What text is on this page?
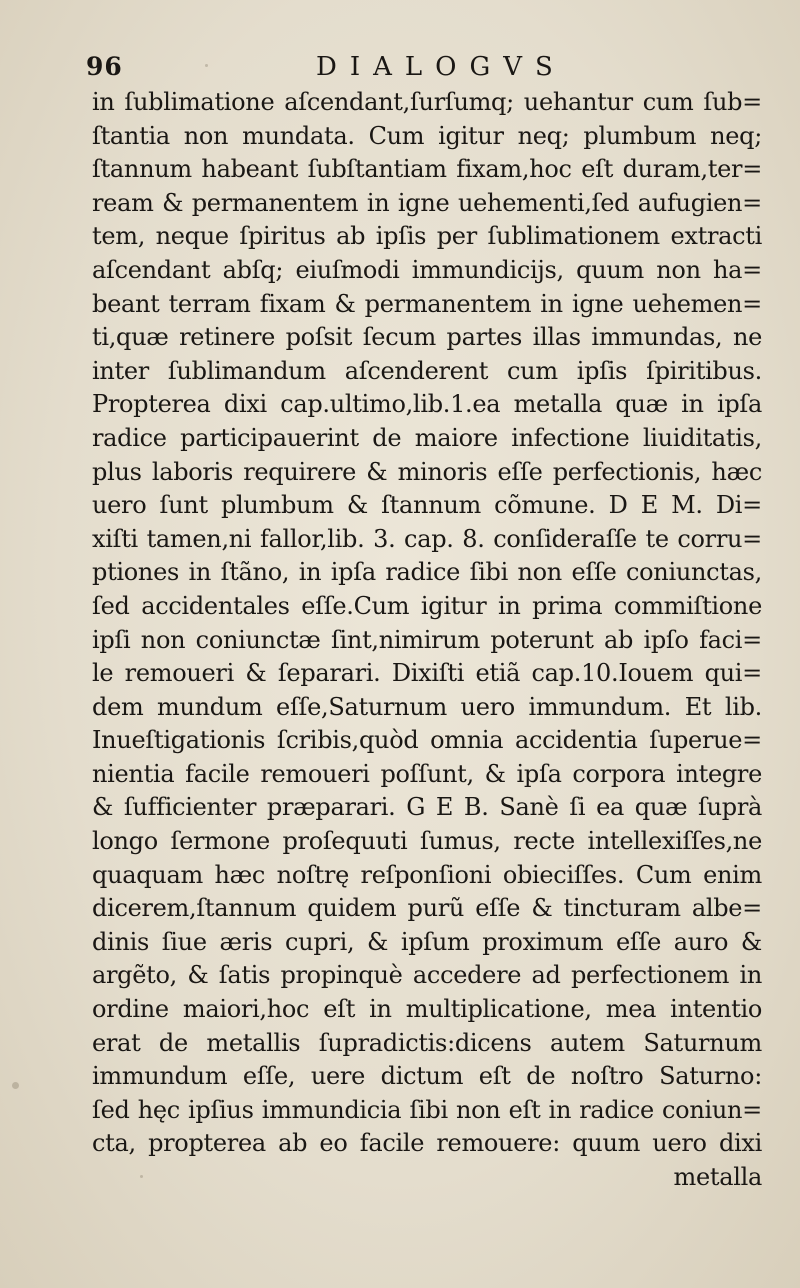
96	DIALOGVS
in ſublimatione aſcendant,ſurſumq; uehantur cum ſub=
ſtantia non mundata. Cum igitur neq; plumbum neq;
ſtannum habeant ſubſtantiam fixam,hoc eſt duram,ter=
ream & permanentem in igne uehementi,ſed aufugien=
tem, neque ſpiritus ab ipſis per ſublimationem extracti
aſcendant abſq; eiuſmodi immundicijs, quum non ha=
beant terram fixam & permanentem in igne uehemen=
ti,quæ retinere poſsit ſecum partes illas immundas, ne
inter ſublimandum aſcenderent cum ipſis ſpiritibus.
Propterea dixi cap.ultimo,lib.1.ea metalla quæ in ipſa
radice participauerint de maiore infectione liuiditatis,
plus laboris requirere & minoris eſſe perfectionis, hæc
uero ſunt plumbum & ſtannum cõmune. D E M. Di=
xiſti tamen,ni fallor,lib. 3. cap. 8. conſideraſſe te corru=
ptiones in ſtãno, in ipſa radice ſibi non eſſe coniunctas,
ſed accidentales eſſe.Cum igitur in prima commiſtione
ipſi non coniunctæ ſint,nimirum poterunt ab ipſo faci=
le remoueri & ſeparari. Dixiſti etiã cap.10.Iouem qui=
dem mundum eſſe,Saturnum uero immundum. Et lib.
Inueſtigationis ſcribis,quòd omnia accidentia ſuperue=
nientia facile remoueri poſſunt, & ipſa corpora integre
& ſufficienter præparari. G E B. Sanè ſi ea quæ ſuprà
longo ſermone proſequuti ſumus, recte intellexiſſes,ne
quaquam hæc noſtrę reſponſioni obieciſſes. Cum enim
dicerem,ſtannum quidem purũ eſſe & tincturam albe=
dinis ſiue æris cupri, & ipſum proximum eſſe auro &
argẽto, & ſatis propinquè accedere ad perfectionem in
ordine maiori,hoc eſt in multiplicatione, mea intentio
erat de metallis ſupradictis:dicens autem Saturnum
immundum eſſe, uere dictum eſt de noſtro Saturno:
ſed hęc ipſius immundicia ſibi non eſt in radice coniun=
cta, propterea ab eo facile remouere: quum uero dixi
metalla
